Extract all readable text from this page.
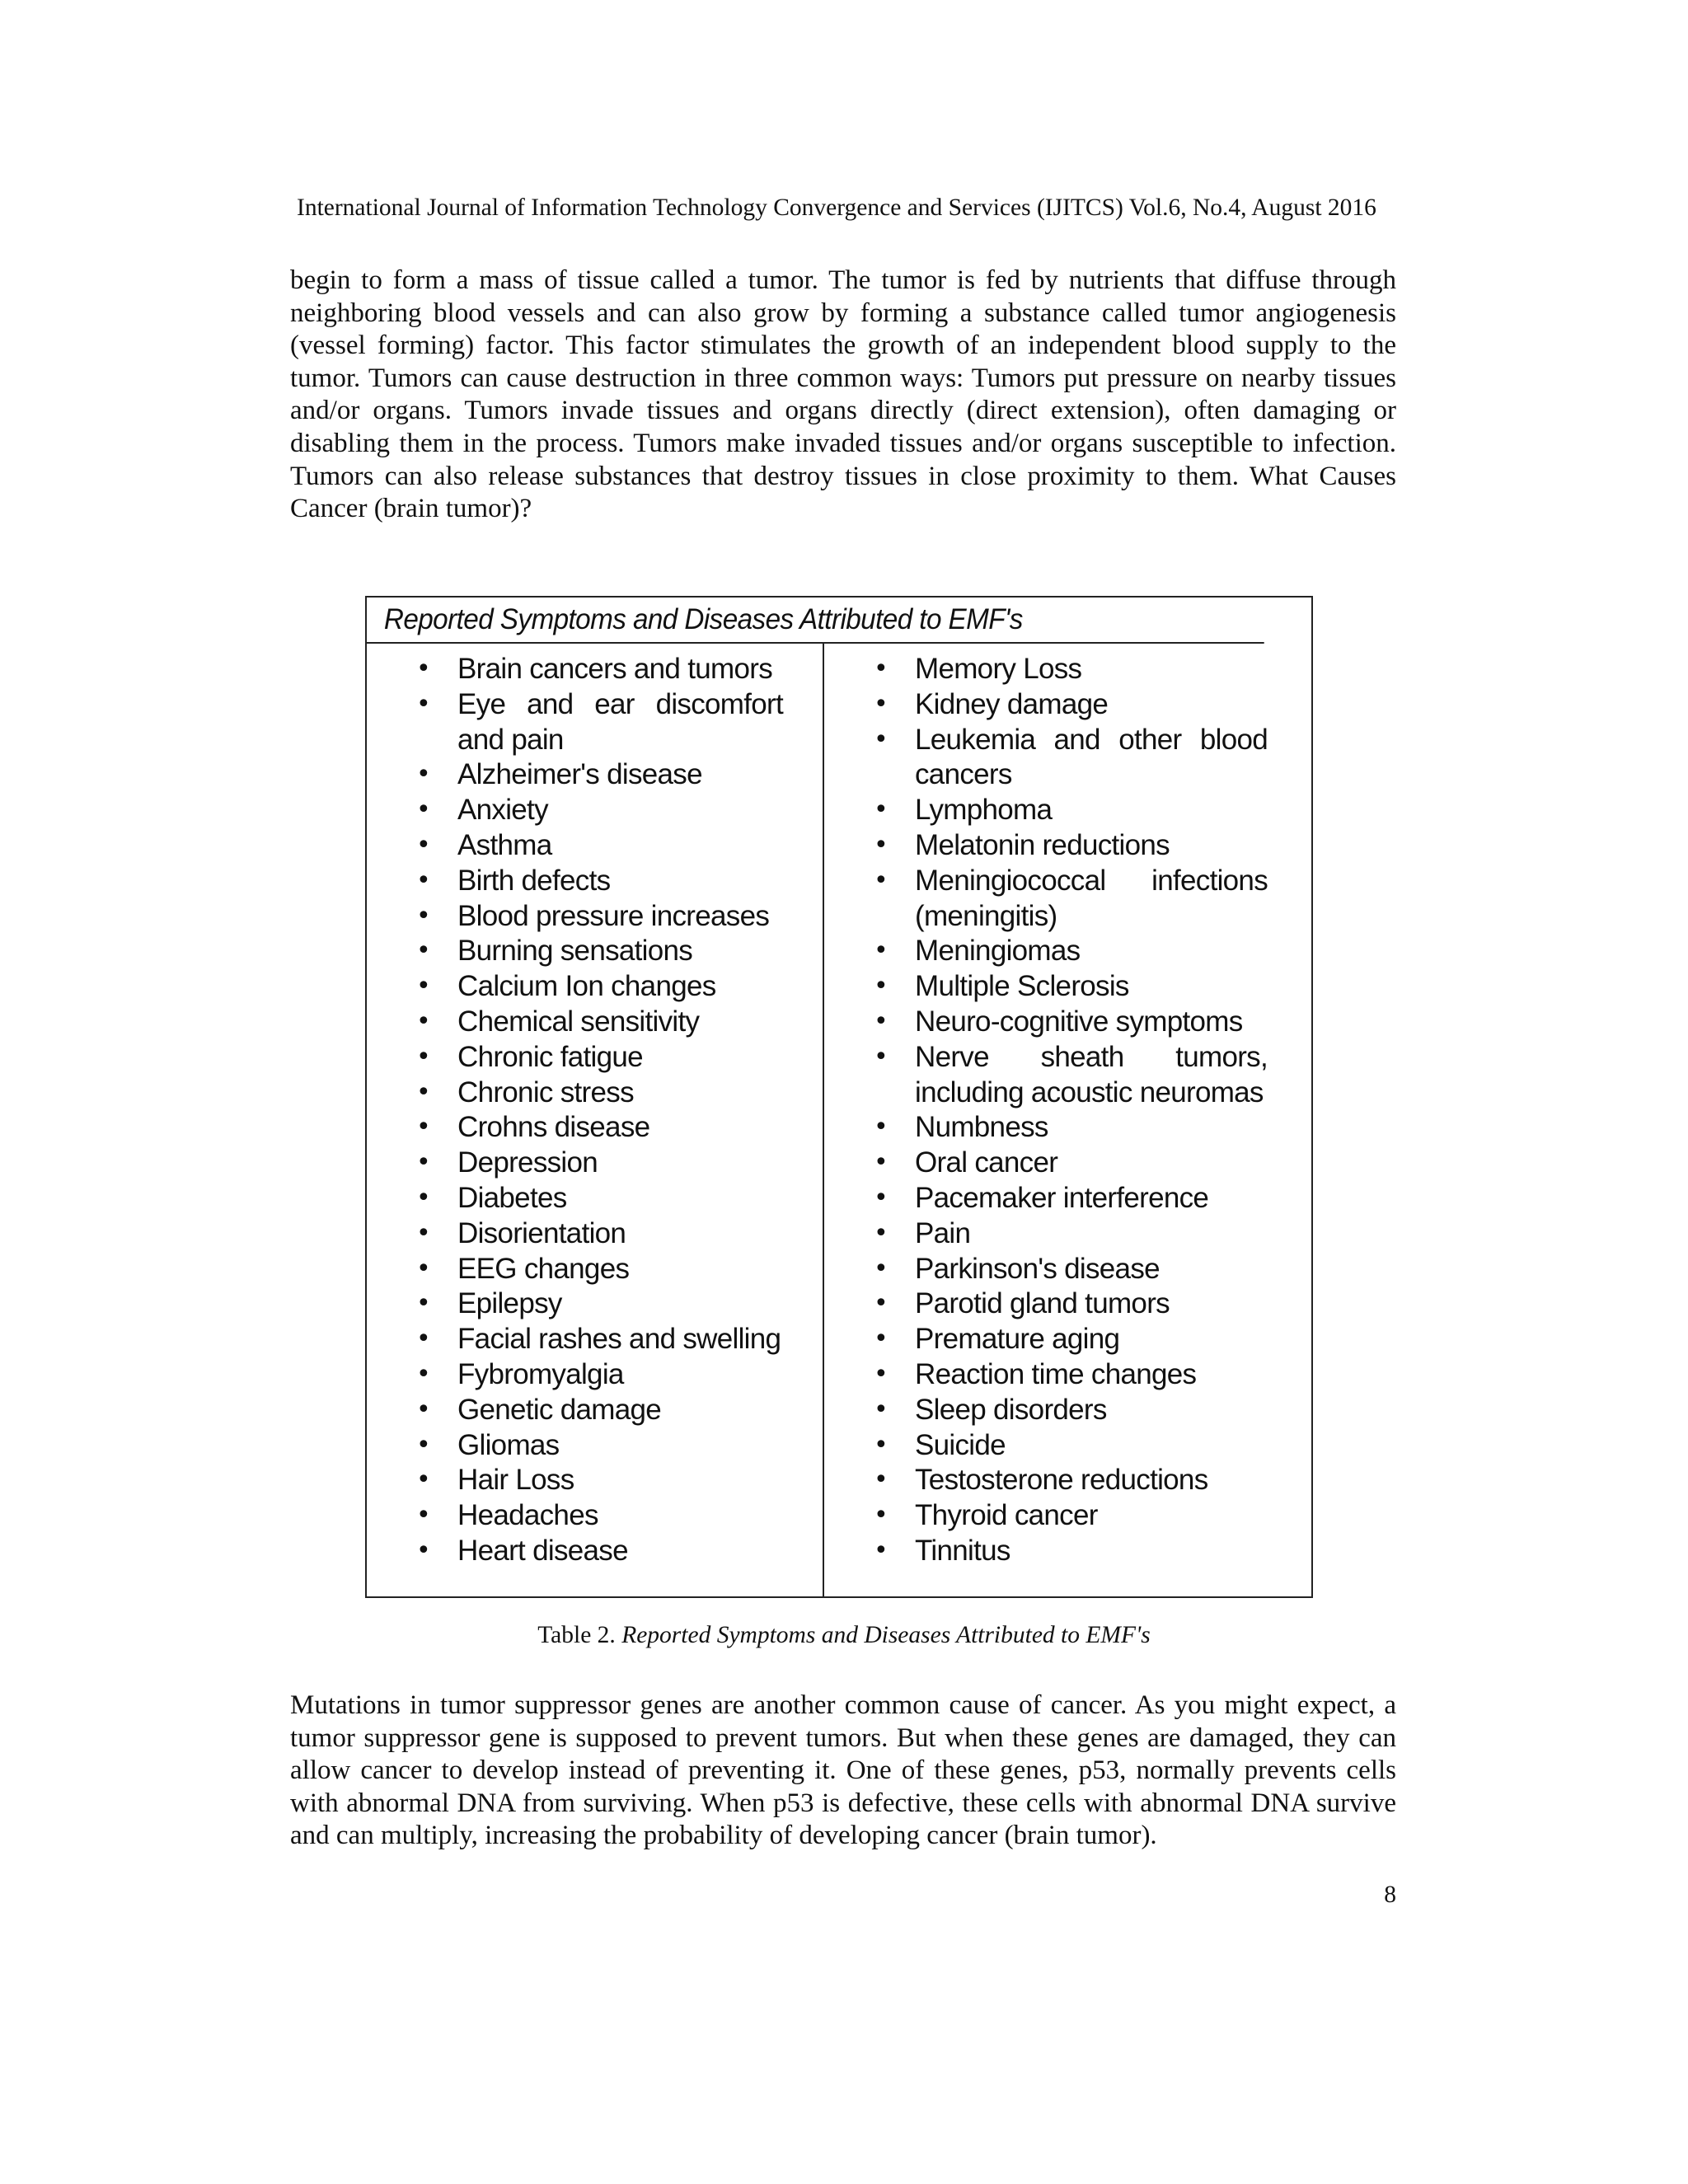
International Journal of Information Technology Convergence and Services (IJITCS) Vol.6, No.4, August 2016

begin to form a mass of tissue called a tumor. The tumor is fed by nutrients that diffuse through neighboring blood vessels and can also grow by forming a substance called tumor angiogenesis (vessel forming) factor. This factor stimulates the growth of an independent blood supply to the tumor. Tumors can cause destruction in three common ways: Tumors put pressure on nearby tissues and/or organs. Tumors invade tissues and organs directly (direct extension), often damaging or disabling them in the process. Tumors make invaded tissues and/or organs susceptible to infection. Tumors can also release substances that destroy tissues in close proximity to them. What Causes Cancer (brain tumor)?

Reported Symptoms and Diseases Attributed to EMF's
• Brain cancers and tumors
• Eye and ear discomfort and pain
• Alzheimer's disease
• Anxiety
• Asthma
• Birth defects
• Blood pressure increases
• Burning sensations
• Calcium Ion changes
• Chemical sensitivity
• Chronic fatigue
• Chronic stress
• Crohns disease
• Depression
• Diabetes
• Disorientation
• EEG changes
• Epilepsy
• Facial rashes and swelling
• Fybromyalgia
• Genetic damage
• Gliomas
• Hair Loss
• Headaches
• Heart disease
• Memory Loss
• Kidney damage
• Leukemia and other blood cancers
• Lymphoma
• Melatonin reductions
• Meningiococcal infections (meningitis)
• Meningiomas
• Multiple Sclerosis
• Neuro-cognitive symptoms
• Nerve sheath tumors, including acoustic neuromas
• Numbness
• Oral cancer
• Pacemaker interference
• Pain
• Parkinson's disease
• Parotid gland tumors
• Premature aging
• Reaction time changes
• Sleep disorders
• Suicide
• Testosterone reductions
• Thyroid cancer
• Tinnitus
Table 2. Reported Symptoms and Diseases Attributed to EMF's

Mutations in tumor suppressor genes are another common cause of cancer. As you might expect, a tumor suppressor gene is supposed to prevent tumors. But when these genes are damaged, they can allow cancer to develop instead of preventing it. One of these genes, p53, normally prevents cells with abnormal DNA from surviving. When p53 is defective, these cells with abnormal DNA survive and can multiply, increasing the probability of developing cancer (brain tumor).

8
